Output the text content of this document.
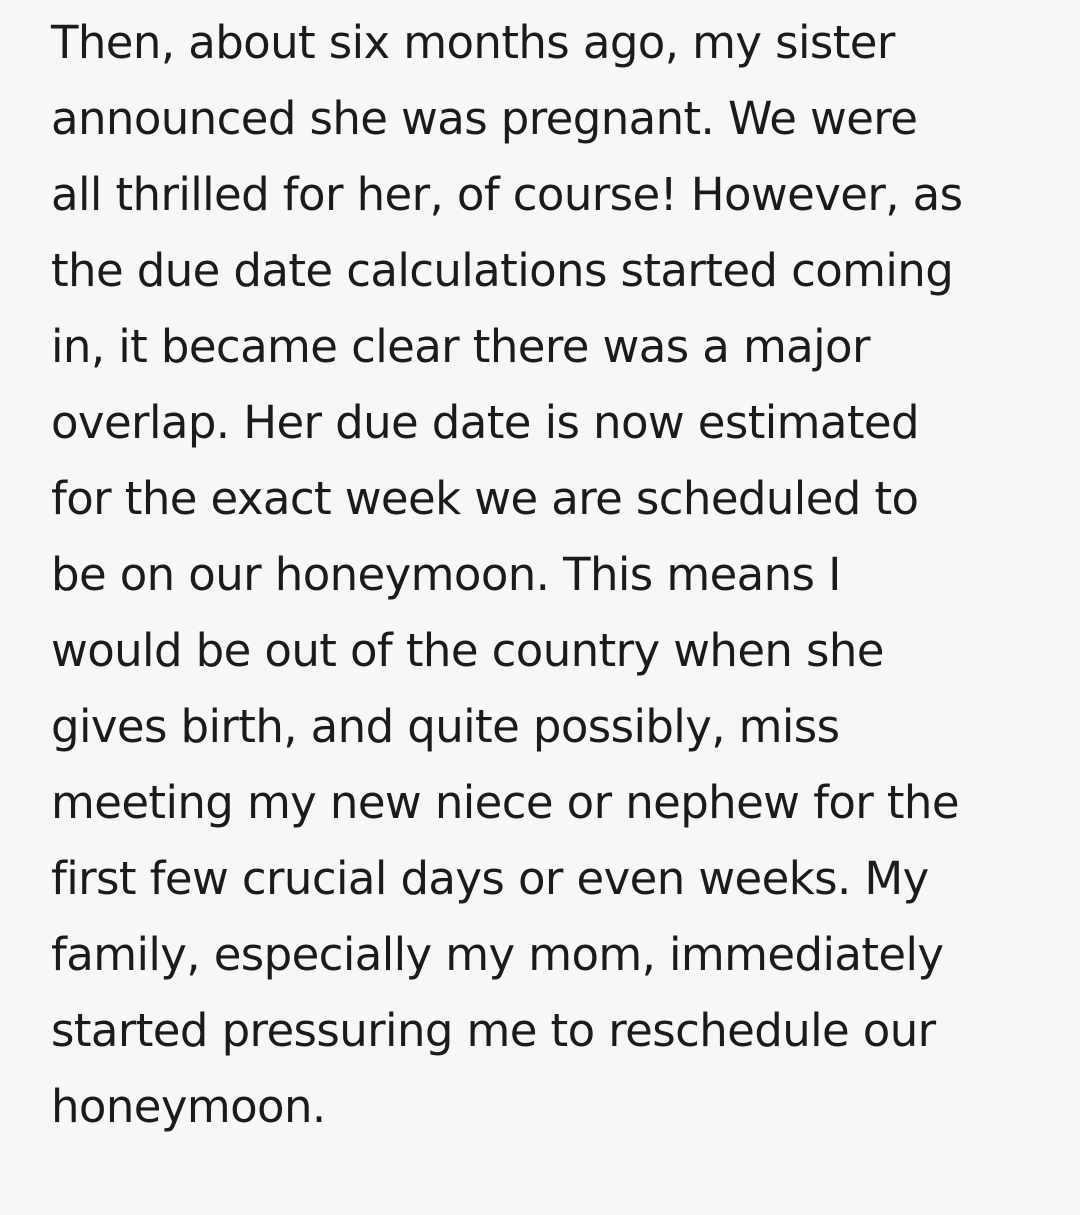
Then, about six months ago, my sister
announced she was pregnant. We were
all thrilled for her, of course! However, as
the due date calculations started coming
in, it became clear there was a major
overlap. Her due date is now estimated
for the exact week we are scheduled to
be on our honeymoon. This means I
would be out of the country when she
gives birth, and quite possibly, miss
meeting my new niece or nephew for the
first few crucial days or even weeks. My
family, especially my mom, immediately
started pressuring me to reschedule our
honeymoon.
